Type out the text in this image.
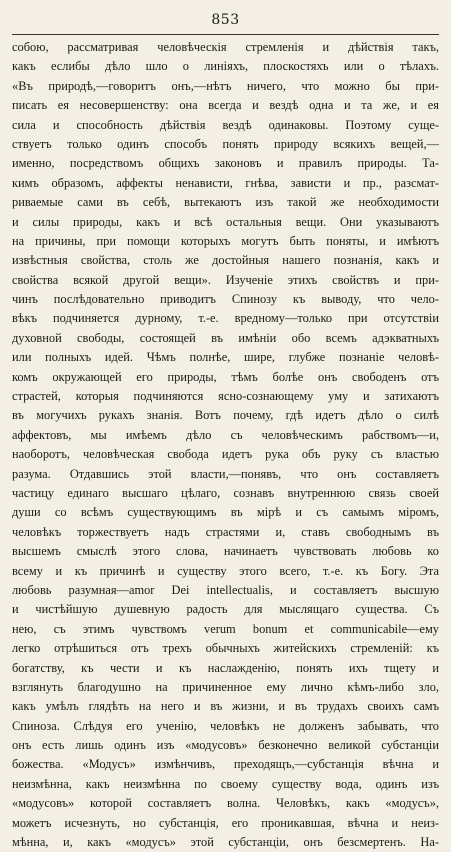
853
собою, рассматривая человѣческія стремленія и дѣйствія такъ,
какъ еслибы дѣло шло о линіяхъ, плоскостяхъ или о тѣлахъ.
«Въ природѣ,—говоритъ онъ,—нѣтъ ничего, что можно бы при-
писать ея несовершенству: она всегда и вездѣ одна и та же, и ея
сила и способность дѣйствія вездѣ одинаковы. Поэтому суще-
ствуетъ только одинъ способъ понять природу всякихъ вещей,—
именно, посредствомъ общихъ законовъ и правилъ природы. Та-
кимъ образомъ, аффекты ненависти, гнѣва, зависти и пр., разсмат-
риваемые сами въ себѣ, вытекаютъ изъ такой же необходимости
и силы природы, какъ и всѣ остальныя вещи. Они указываютъ
на причины, при помощи которыхъ могутъ быть поняты, и имѣютъ
извѣстныя свойства, столь же достойныя нашего познанія, какъ и
свойства всякой другой вещи». Изученіе этихъ свойствъ и при-
чинъ послѣдовательно приводитъ Спинозу къ выводу, что чело-
вѣкъ подчиняется дурному, т.-е. вредному—только при отсутствіи
духовной свободы, состоящей въ имѣніи обо всемъ адэкватныхъ
или полныхъ идей. Чѣмъ полнѣе, шире, глубже познаніе человѣ-
комъ окружающей его природы, тѣмъ болѣе онъ свободенъ отъ
страстей, которыя подчиняются ясно-сознающему уму и затихаютъ
въ могучихъ рукахъ знанія. Вотъ почему, гдѣ идетъ дѣло о силѣ
аффектовъ, мы имѣемъ дѣло съ человѣческимъ рабствомъ—и,
наоборотъ, человѣческая свобода идетъ рука объ руку съ властью
разума. Отдавшись этой власти,—понявъ, что онъ составляетъ
частицу единаго высшаго цѣлаго, сознавъ внутреннюю связь своей
души со всѣмъ существующимъ въ мірѣ и съ самымъ міромъ,
человѣкъ торжествуетъ надъ страстями и, ставъ свободнымъ въ
высшемъ смыслѣ этого слова, начинаетъ чувствовать любовь ко
всему и къ причинѣ и существу этого всего, т.-е. къ Богу. Эта
любовь разумная—amor Dei intellectualis, и составляетъ высшую
и чистѣйшую душевную радость для мыслящаго существа. Съ
нею, съ этимъ чувствомъ verum bonum et communicabile—ему
легко отрѣшиться отъ трехъ обычныхъ житейскихъ стремленій: къ
богатству, къ чести и къ наслажденію, понять ихъ тщету и
взглянуть благодушно на причиненное ему лично кѣмъ-либо зло,
какъ умѣлъ глядѣть на него и въ жизни, и въ трудахъ своихъ самъ
Спиноза. Слѣдуя его ученію, человѣкъ не долженъ забывать, что
онъ есть лишь одинъ изъ «модусовъ» безконечно великой субстанціи
божества. «Модусъ» измѣнчивъ, преходящъ,—субстанція вѣчна и
неизмѣнна, какъ неизмѣнна по своему существу вода, одинъ изъ
«модусовъ» которой составляетъ волна. Человѣкъ, какъ «модусъ»,
можетъ исчезнуть, но субстанція, его проникавшая, вѣчна и неиз-
мѣнна, и, какъ «модусъ» этой субстанціи, онъ безсмертенъ. На-
